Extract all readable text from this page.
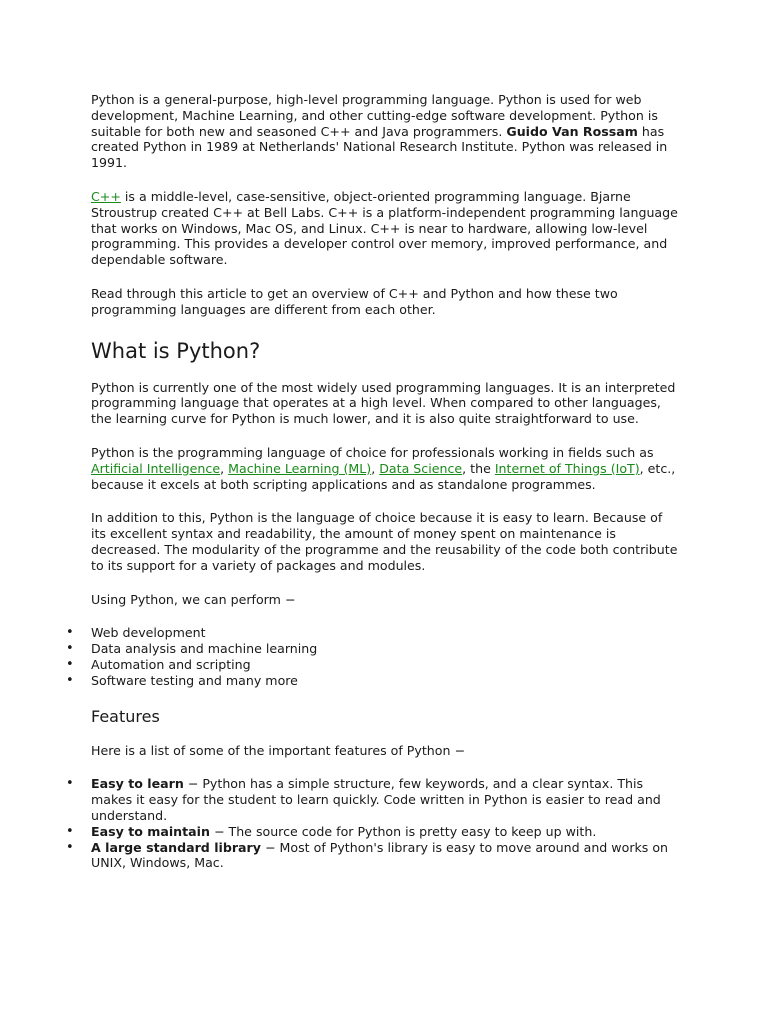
Python is a general-purpose, high-level programming language. Python is used for web development, Machine Learning, and other cutting-edge software development. Python is suitable for both new and seasoned C++ and Java programmers. Guido Van Rossam has created Python in 1989 at Netherlands' National Research Institute. Python was released in 1991.

C++ is a middle-level, case-sensitive, object-oriented programming language. Bjarne Stroustrup created C++ at Bell Labs. C++ is a platform-independent programming language that works on Windows, Mac OS, and Linux. C++ is near to hardware, allowing low-level programming. This provides a developer control over memory, improved performance, and dependable software.

Read through this article to get an overview of C++ and Python and how these two programming languages are different from each other.

What is Python?

Python is currently one of the most widely used programming languages. It is an interpreted programming language that operates at a high level. When compared to other languages, the learning curve for Python is much lower, and it is also quite straightforward to use.

Python is the programming language of choice for professionals working in fields such as Artificial Intelligence, Machine Learning (ML), Data Science, the Internet of Things (IoT), etc., because it excels at both scripting applications and as standalone programmes.

In addition to this, Python is the language of choice because it is easy to learn. Because of its excellent syntax and readability, the amount of money spent on maintenance is decreased. The modularity of the programme and the reusability of the code both contribute to its support for a variety of packages and modules.

Using Python, we can perform −

• Web development
• Data analysis and machine learning
• Automation and scripting
• Software testing and many more
Features

Here is a list of some of the important features of Python −

• Easy to learn − Python has a simple structure, few keywords, and a clear syntax. This makes it easy for the student to learn quickly. Code written in Python is easier to read and understand.
• Easy to maintain − The source code for Python is pretty easy to keep up with.
• A large standard library − Most of Python's library is easy to move around and works on UNIX, Windows, Mac.
